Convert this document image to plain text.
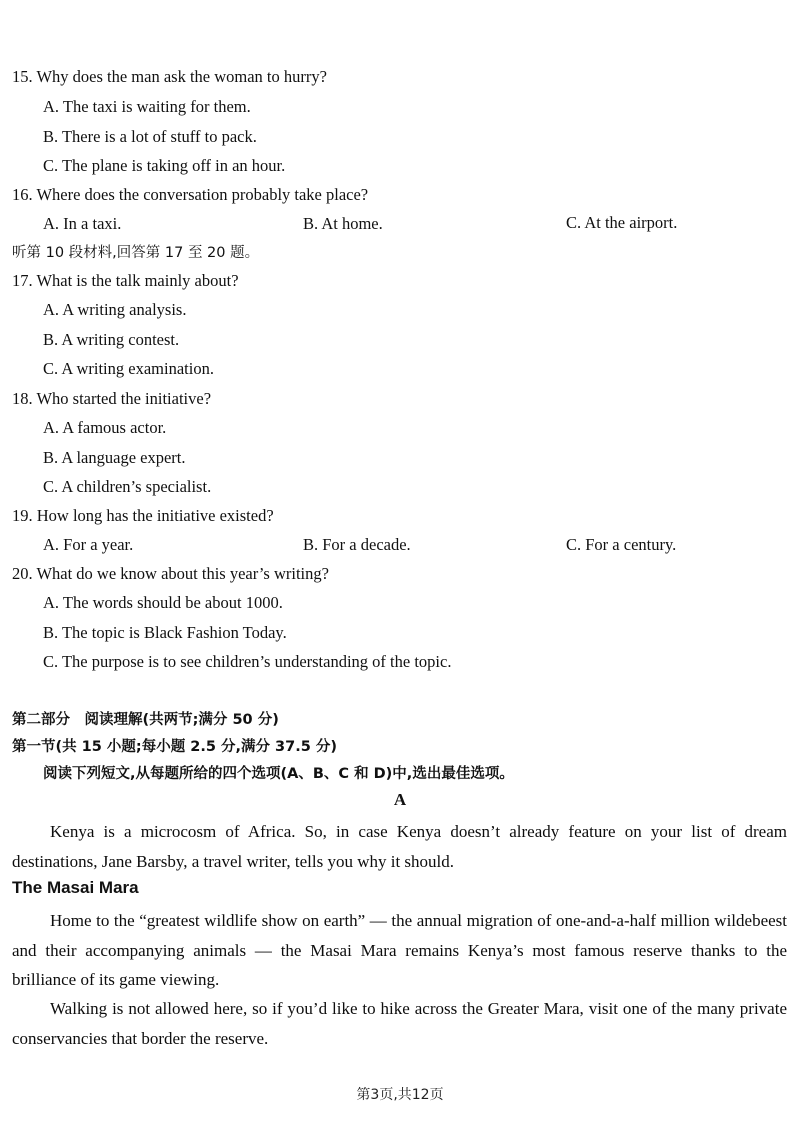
15. Why does the man ask the woman to hurry?
A. The taxi is waiting for them.
B. There is a lot of stuff to pack.
C. The plane is taking off in an hour.
16. Where does the conversation probably take place?
A. In a taxi.	B. At home.	C. At the airport.
听第 10 段材料,回答第 17 至 20 题。
17. What is the talk mainly about?
A. A writing analysis.
B. A writing contest.
C. A writing examination.
18. Who started the initiative?
A. A famous actor.
B. A language expert.
C. A children’s specialist.
19. How long has the initiative existed?
A. For a year.	B. For a decade.	C. For a century.
20. What do we know about this year’s writing?
A. The words should be about 1000.
B. The topic is Black Fashion Today.
C. The purpose is to see children’s understanding of the topic.
第二部分　阅读理解(共两节;满分 50 分)
第一节(共 15 小题;每小题 2.5 分,满分 37.5 分)
阅读下列短文,从每题所给的四个选项(A、B、C 和 D)中,选出最佳选项。
A
Kenya is a microcosm of Africa. So, in case Kenya doesn’t already feature on your list of dream destinations, Jane Barsby, a travel writer, tells you why it should.
The Masai Mara
Home to the “greatest wildlife show on earth” — the annual migration of one-and-a-half million wildebeest and their accompanying animals — the Masai Mara remains Kenya’s most famous reserve thanks to the brilliance of its game viewing.
Walking is not allowed here, so if you’d like to hike across the Greater Mara, visit one of the many private conservancies that border the reserve.
第3页,共12页
